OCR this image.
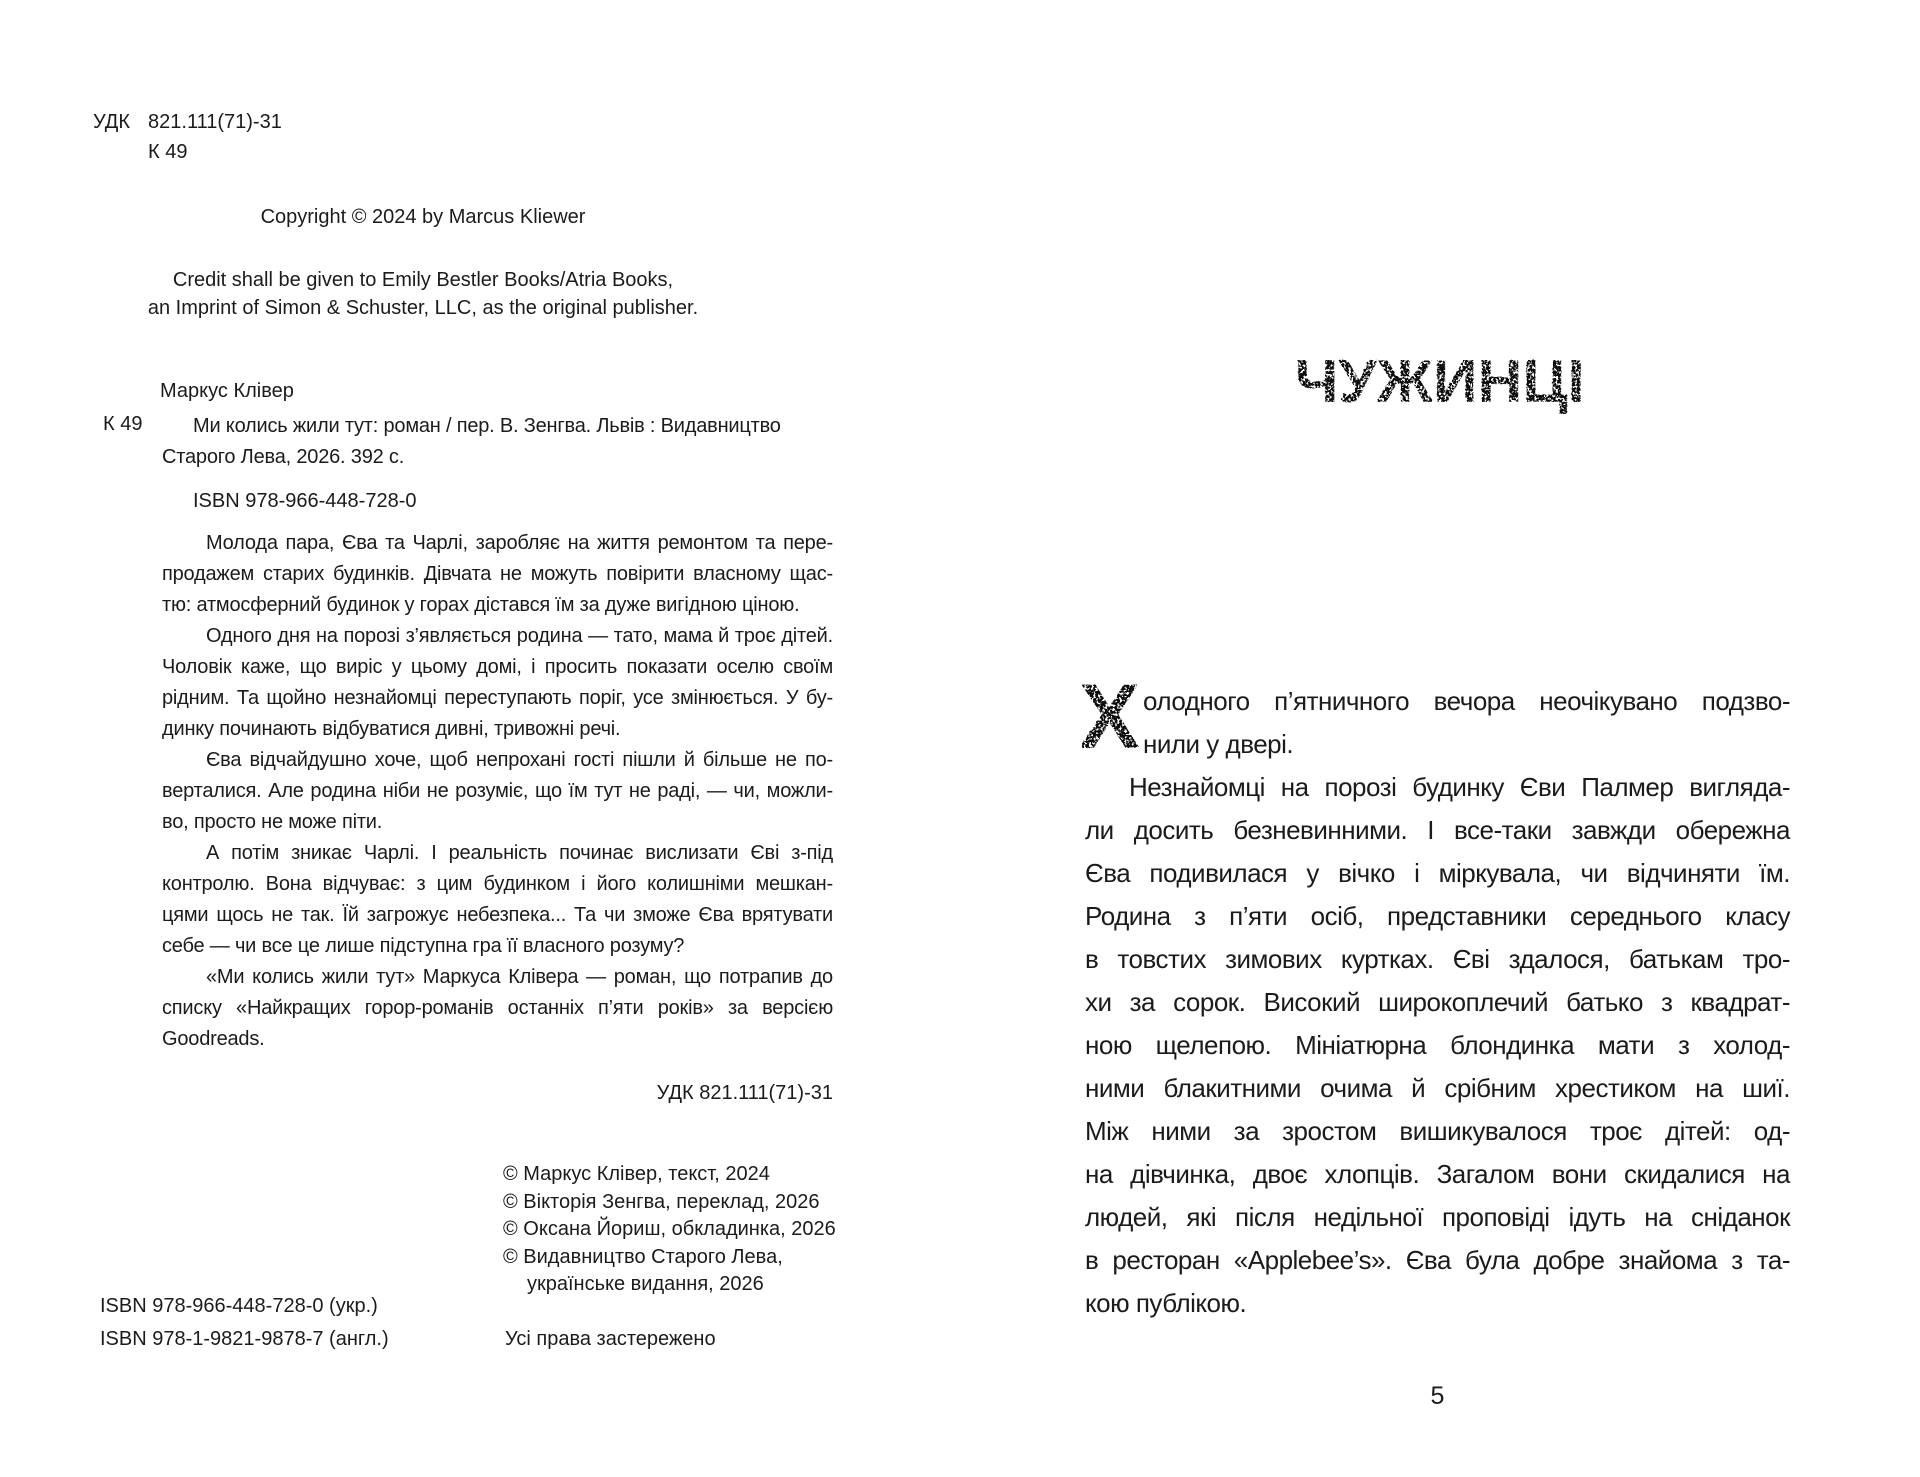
УДК 821.111(71)-31
К 49
Copyright © 2024 by Marcus Kliewer
Credit shall be given to Emily Bestler Books/Atria Books,
an Imprint of Simon & Schuster, LLC, as the original publisher.
Маркус Клівер
К 49	Ми колись жили тут: роман / пер. В. Зенгва. Львів : Видавництво
Старого Лева, 2026. 392 с.
ISBN 978-966-448-728-0
Молода пара, Єва та Чарлі, заробляє на життя ремонтом та пере-
продажем старих будинків. Дівчата не можуть повірити власному щас-
тю: атмосферний будинок у горах дістався їм за дуже вигідною ціною.
Одного дня на порозі з’являється родина — тато, мама й троє дітей.
Чоловік каже, що виріс у цьому домі, і просить показати оселю своїм
рідним. Та щойно незнайомці переступають поріг, усе змінюється. У бу-
динку починають відбуватися дивні, тривожні речі.
Єва відчайдушно хоче, щоб непрохані гості пішли й більше не по-
верталися. Але родина ніби не розуміє, що їм тут не раді, — чи, можли-
во, просто не може піти.
А потім зникає Чарлі. І реальність починає вислизати Єві з-під
контролю. Вона відчуває: з цим будинком і його колишніми мешкан-
цями щось не так. Їй загрожує небезпека... Та чи зможе Єва врятувати
себе — чи все це лише підступна гра її власного розуму?
«Ми колись жили тут» Маркуса Клівера — роман, що потрапив до
списку «Найкращих горор-романів останніх п’яти років» за версією
Goodreads.
УДК 821.111(71)-31
© Маркус Клівер, текст, 2024
© Вікторія Зенгва, переклад, 2026
© Оксана Йориш, обкладинка, 2026
© Видавництво Старого Лева,
українське видання, 2026
ISBN 978-966-448-728-0 (укр.)
ISBN 978-1-9821-9878-7 (англ.)	Усі права застережено
ЧУЖИНЦІ
Х олодного п’ятничного вечора неочікувано подзво-
нили у двері.
Незнайомці на порозі будинку Єви Палмер вигляда-
ли досить безневинними. І все-таки завжди обережна
Єва подивилася у вічко і міркувала, чи відчиняти їм.
Родина з п’яти осіб, представники середнього класу
в товстих зимових куртках. Єві здалося, батькам тро-
хи за сорок. Високий широкоплечий батько з квадрат-
ною щелепою. Мініатюрна блондинка мати з холод-
ними блакитними очима й срібним хрестиком на шиї.
Між ними за зростом вишикувалося троє дітей: од-
на дівчинка, двоє хлопців. Загалом вони скидалися на
людей, які після недільної проповіді ідуть на сніданок
в ресторан «Applebee’s». Єва була добре знайома з та-
кою публікою.
5
